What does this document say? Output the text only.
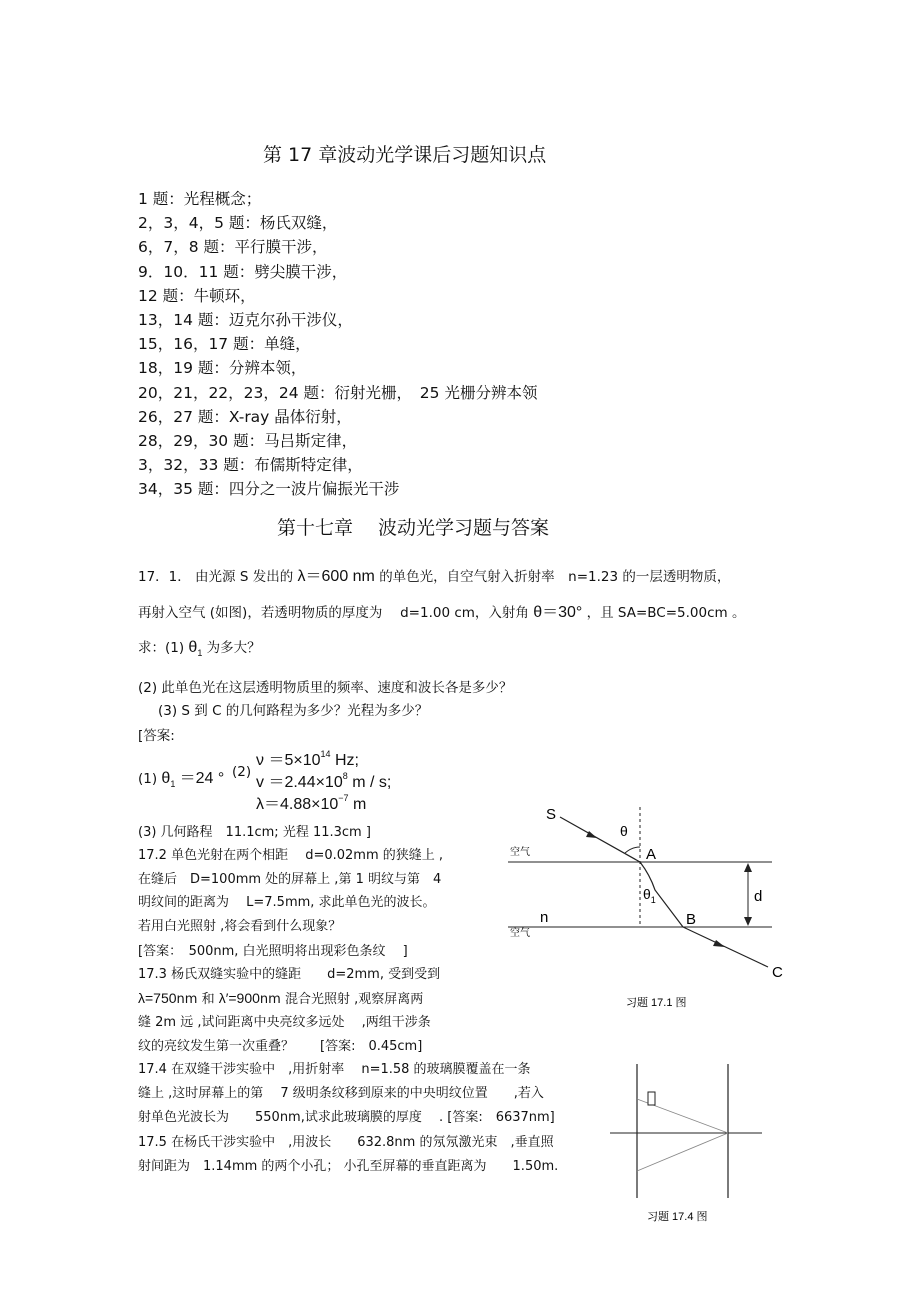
第 17 章波动光学课后习题知识点
1 题：光程概念；
2，3，4，5 题：杨氏双缝，
6，7，8 题：平行膜干涉，
9．10．11 题：劈尖膜干涉，
12 题：牛顿环，
13，14 题：迈克尔孙干涉仪，
15，16，17 题：单缝，
18，19 题：分辨本领，
20，21，22，23，24 题：衍射光栅，　25 光栅分辨本领
26，27 题：X-ray 晶体衍射，
28，29，30 题：马吕斯定律，
3，32，33 题：布儒斯特定律，
34，35 题：四分之一波片偏振光干涉
第十七章　 波动光学习题与答案
17．1． 由光源 S 发出的 λ＝600 nm 的单色光，自空气射入折射率　n=1.23 的一层透明物质，
再射入空气 (如图)，若透明物质的厚度为　 d=1.00 cm，入射角 θ＝30° ，且 SA=BC=5.00cm 。
求：(1) $\theta_1$ 为多大？
(2) 此单色光在这层透明物质里的频率、速度和波长各是多少？
(3) S 到 C 的几何路程为多少？光程为多少？
[答案:
(1) $\theta_1 =24$ ° (2)
$\nu =5\times 10^{14}$ Hz;
$v =2.44\times 10^8$ m / s;
$\lambda=4.88\times 10^{-7}$ m
(3) 几何路程　11.1cm; 光程 11.3cm ]
17.2 单色光射在两个相距　 d=0.02mm 的狭缝上 ,
在缝后　D=100mm 处的屏幕上 ,第 1 明纹与第　4
明纹间的距离为　 L=7.5mm, 求此单色光的波长。
若用白光照射 ,将会看到什么现象？
[答案：　500nm, 白光照明将出现彩色条纹　 ]
17.3 杨氏双缝实验中的缝距　　d=2mm, 受到受到
λ=750nm 和 λ′=900nm 混合光照射 ,观察屏离两
缝 2m 远 ,试问距离中央亮纹多远处　 ,两组干涉条
纹的亮纹发生第一次重叠？　　[答案:　0.45cm]
17.4 在双缝干涉实验中　,用折射率　 n=1.58 的玻璃膜覆盖在一条
缝上 ,这时屏幕上的第　 7 级明条纹移到原来的中央明纹位置　　,若入
射单色光波长为　　550nm,试求此玻璃膜的厚度　 . [答案:　6637nm]
17.5 在杨氏干涉实验中　,用波长　　632.8nm 的氖氖激光束　,垂直照
射间距为　1.14mm 的两个小孔； 小孔至屏幕的垂直距离为　　1.50m.
S
θ
空气	A
$\theta_1$	d
n	B
空气
C
习题 17.1 图
习题 17.4 图
